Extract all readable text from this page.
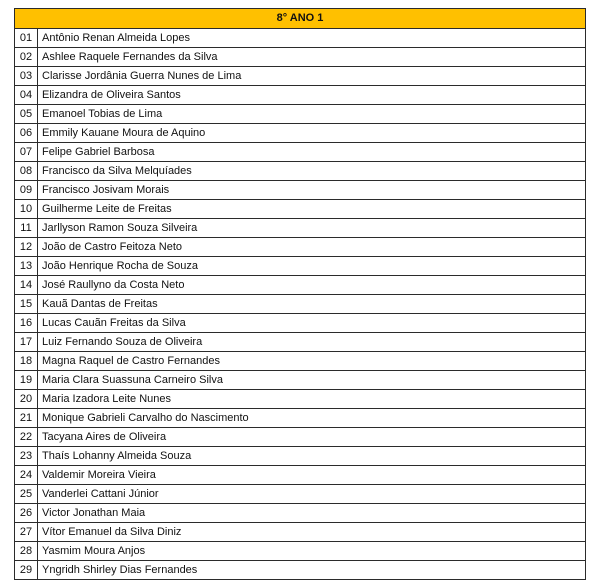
8° ANO 1	
01	Antônio Renan Almeida Lopes
02	Ashlee Raquele Fernandes da Silva
03	Clarisse Jordânia Guerra Nunes de Lima
04	Elizandra de Oliveira Santos
05	Emanoel Tobias de Lima
06	Emmily Kauane Moura de Aquino
07	Felipe Gabriel Barbosa
08	Francisco da Silva Melquíades
09	Francisco Josivam Morais
10	Guilherme Leite de Freitas
11	Jarllyson Ramon Souza Silveira
12	João de Castro Feitoza Neto
13	João Henrique Rocha de Souza
14	José Raullyno da Costa Neto
15	Kauã Dantas de Freitas
16	Lucas Cauãn Freitas da Silva
17	Luiz Fernando Souza de Oliveira
18	Magna Raquel de Castro Fernandes
19	Maria Clara Suassuna Carneiro Silva
20	Maria Izadora Leite Nunes
21	Monique Gabrieli Carvalho do Nascimento
22	Tacyana Aires de Oliveira
23	Thaís Lohanny Almeida Souza
24	Valdemir Moreira Vieira
25	Vanderlei Cattani Júnior
26	Victor Jonathan Maia
27	Vítor Emanuel da Silva Diniz
28	Yasmim Moura Anjos
29	Yngridh Shirley Dias Fernandes
